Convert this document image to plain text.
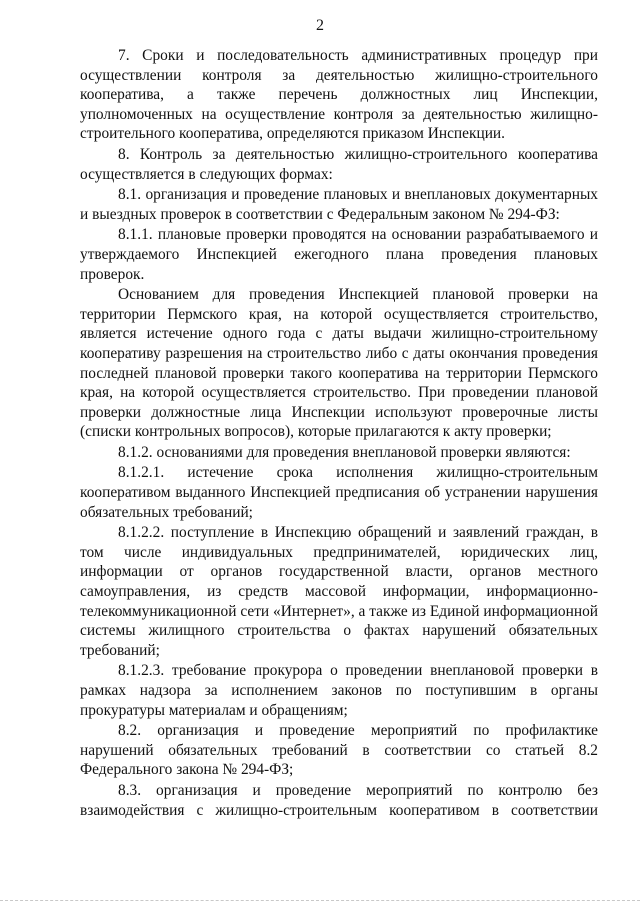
2

7. Сроки и последовательность административных процедур при осуществлении контроля за деятельностью жилищно-строительного кооператива, а также перечень должностных лиц Инспекции, уполномоченных на осуществление контроля за деятельностью жилищно-строительного кооператива, определяются приказом Инспекции.

8. Контроль за деятельностью жилищно-строительного кооператива осуществляется в следующих формах:

8.1. организация и проведение плановых и внеплановых документарных и выездных проверок в соответствии с Федеральным законом № 294-ФЗ:

8.1.1. плановые проверки проводятся на основании разрабатываемого и утверждаемого Инспекцией ежегодного плана проведения плановых проверок.

Основанием для проведения Инспекцией плановой проверки на территории Пермского края, на которой осуществляется строительство, является истечение одного года с даты выдачи жилищно-строительному кооперативу разрешения на строительство либо с даты окончания проведения последней плановой проверки такого кооператива на территории Пермского края, на которой осуществляется строительство. При проведении плановой проверки должностные лица Инспекции используют проверочные листы (списки контрольных вопросов), которые прилагаются к акту проверки;

8.1.2. основаниями для проведения внеплановой проверки являются:

8.1.2.1. истечение срока исполнения жилищно-строительным кооперативом выданного Инспекцией предписания об устранении нарушения обязательных требований;

8.1.2.2. поступление в Инспекцию обращений и заявлений граждан, в том числе индивидуальных предпринимателей, юридических лиц, информации от органов государственной власти, органов местного самоуправления, из средств массовой информации, информационно-телекоммуникационной сети «Интернет», а также из Единой информационной системы жилищного строительства о фактах нарушений обязательных требований;

8.1.2.3. требование прокурора о проведении внеплановой проверки в рамках надзора за исполнением законов по поступившим в органы прокуратуры материалам и обращениям;

8.2. организация и проведение мероприятий по профилактике нарушений обязательных требований в соответствии со статьей 8.2 Федерального закона № 294-ФЗ;

8.3. организация и проведение мероприятий по контролю без взаимодействия с жилищно-строительным кооперативом в соответствии
